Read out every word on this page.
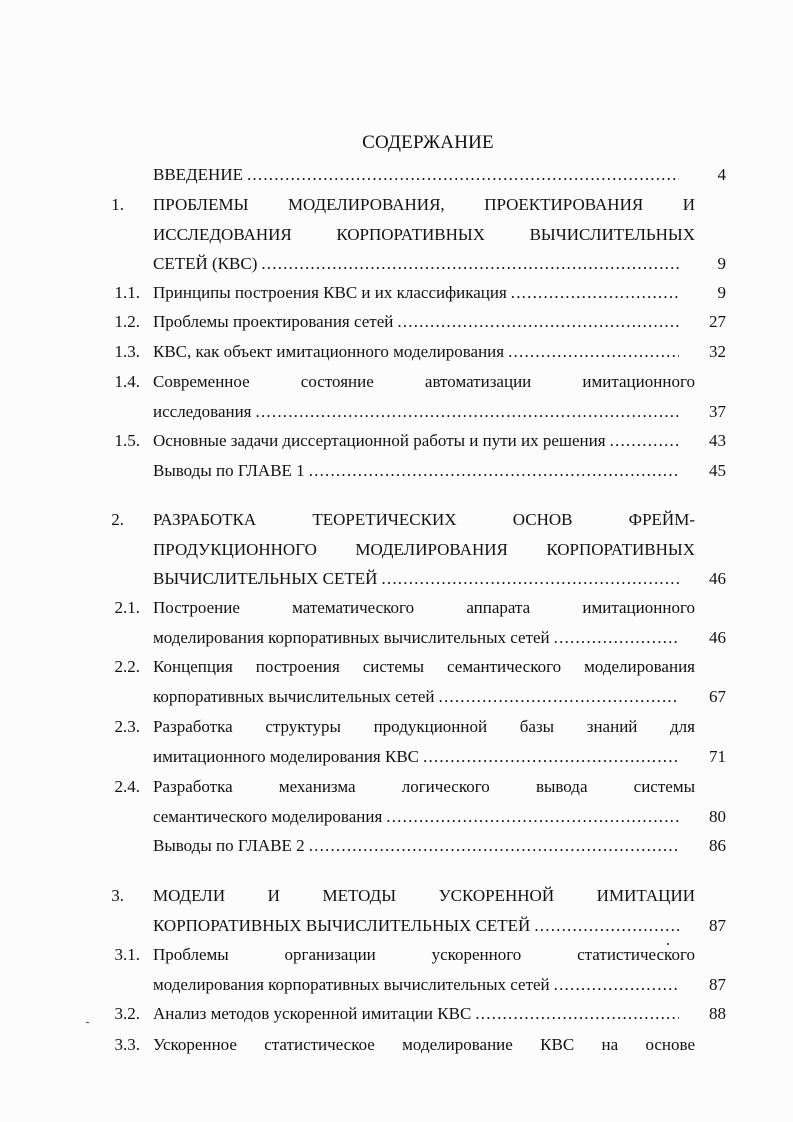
СОДЕРЖАНИЕ
ВВЕДЕНИЕ .....	4
1. ПРОБЛЕМЫ МОДЕЛИРОВАНИЯ, ПРОЕКТИРОВАНИЯ И
ИССЛЕДОВАНИЯ КОРПОРАТИВНЫХ ВЫЧИСЛИТЕЛЬНЫХ
СЕТЕЙ (КВС) .....	9
1.1. Принципы построения КВС и их классификация .....	9
1.2. Проблемы проектирования сетей .....	27
1.3. КВС, как объект имитационного моделирования .....	32
1.4. Современное состояние автоматизации имитационного
исследования .....	37
1.5. Основные задачи диссертационной работы и пути их решения .....	43
Выводы по ГЛАВЕ 1 .....	45
2. РАЗРАБОТКА ТЕОРЕТИЧЕСКИХ ОСНОВ ФРЕЙМ-
ПРОДУКЦИОННОГО МОДЕЛИРОВАНИЯ КОРПОРАТИВНЫХ
ВЫЧИСЛИТЕЛЬНЫХ СЕТЕЙ .....	46
2.1. Построение математического аппарата имитационного
моделирования корпоративных вычислительных сетей .....	46
2.2. Концепция построения системы семантического моделирования
корпоративных вычислительных сетей .....	67
2.3. Разработка структуры продукционной базы знаний для
имитационного моделирования КВС .....	71
2.4. Разработка механизма логического вывода системы
семантического моделирования .....	80
Выводы по ГЛАВЕ 2 .....	86
3. МОДЕЛИ И МЕТОДЫ УСКОРЕННОЙ ИМИТАЦИИ
КОРПОРАТИВНЫХ ВЫЧИСЛИТЕЛЬНЫХ СЕТЕЙ .....	87
3.1. Проблемы организации ускоренного статистического
моделирования корпоративных вычислительных сетей .....	87
3.2. Анализ методов ускоренной имитации КВС .....	88
3.3. Ускоренное статистическое моделирование КВС на основе
